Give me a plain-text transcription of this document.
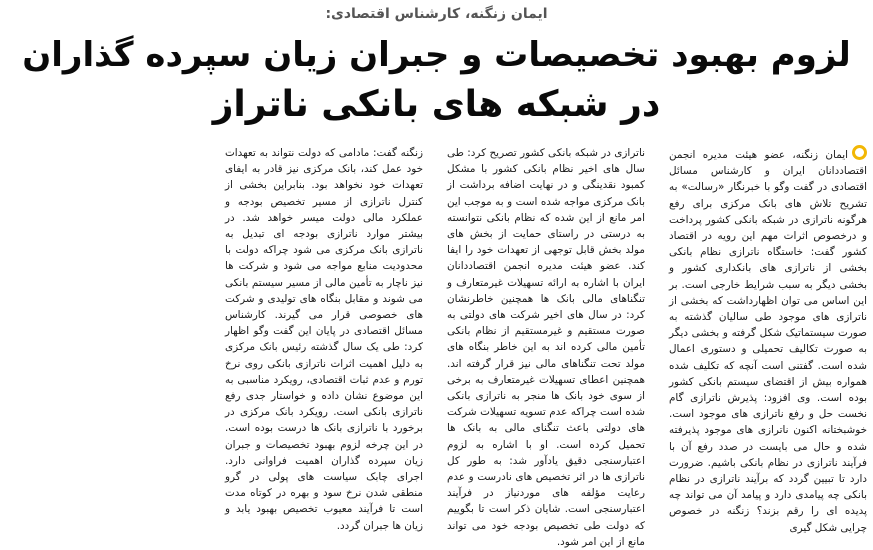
ایمان زنگنه، کارشناس اقتصادی:
لزوم بهبود تخصیصات و جبران زیان سپرده گذاران
در شبکه های بانکی ناتراز

ایمان زنگنه، عضو هیئت مدیره انجمن اقتصاددانان ایران و کارشناس مسائل اقتصادی در گفت وگو با خبرنگار «رسالت» به تشریح تلاش های بانک مرکزی برای رفع هرگونه ناترازی در شبکه بانکی کشور پرداخت و درخصوص اثرات مهم این رویه در اقتصاد کشور گفت: خاستگاه ناترازی نظام بانکی بخشی از ناترازی های بانکداری کشور و بخشی دیگر به سبب شرایط خارجی است. بر این اساس می توان اظهارداشت که بخشی از ناترازی های موجود طی سالیان گذشته به صورت سیستماتیک شکل گرفته و بخشی دیگر به صورت تکالیف تحمیلی و دستوری اعمال شده است. گفتنی است آنچه که تکلیف شده همواره بیش از اقتضای سیستم بانکی کشور بوده است. وی افزود: پذیرش ناترازی گام نخست حل و رفع ناترازی های موجود است. خوشبختانه اکنون ناترازی های موجود پذیرفته شده و حال می بایست در صدد رفع آن با فرآیند ناترازی در نظام بانکی باشیم. ضرورت دارد تا تبیین گردد که برآیند ناترازی در نظام بانکی چه پیامدی دارد و پیامد آن می تواند چه پدیده ای را رقم بزند؟ زنگنه در خصوص چرایی شکل گیری

ناترازی در شبکه بانکی کشور تصریح کرد: طی سال های اخیر نظام بانکی کشور با مشکل کمبود نقدینگی و در نهایت اضافه برداشت از بانک مرکزی مواجه شده است و به موجب این امر مانع از این شده که نظام بانکی نتوانسته به درستی در راستای حمایت از بخش های مولد بخش قابل توجهی از تعهدات خود را ایفا کند. عضو هیئت مدیره انجمن اقتصاددانان ایران با اشاره به ارائه تسهیلات غیرمتعارف و تنگناهای مالی بانک ها همچنین خاطرنشان کرد: در سال های اخیر شرکت های دولتی به صورت مستقیم و غیرمستقیم از نظام بانکی تأمین مالی کرده اند به این خاطر بنگاه های مولد تحت تنگناهای مالی نیز قرار گرفته اند. همچنین اعطای تسهیلات غیرمتعارف به برخی از سوی خود بانک ها منجر به ناترازی بانکی شده است چراکه عدم تسویه تسهیلات شرکت های دولتی باعث تنگنای مالی به بانک ها تحمیل کرده است. او با اشاره به لزوم اعتبارسنجی دقیق یادآور شد: به طور کل ناترازی ها در اثر تخصیص های نادرست و عدم رعایت مؤلفه های موردنیاز در فرآیند اعتبارسنجی است. شایان ذکر است تا بگوییم که دولت طی تخصیص بودجه خود می تواند مانع از این امر شود.

زنگنه گفت: مادامی که دولت نتواند به تعهدات خود عمل کند، بانک مرکزی نیز قادر به ایفای تعهدات خود نخواهد بود. بنابراین بخشی از کنترل ناترازی از مسیر تخصیص بودجه و عملکرد مالی دولت میسر خواهد شد. در بیشتر موارد ناترازی بودجه ای تبدیل به ناترازی بانک مرکزی می شود چراکه دولت با محدودیت منابع مواجه می شود و شرکت ها نیز ناچار به تأمین مالی از مسیر سیستم بانکی می شوند و مقابل بنگاه های تولیدی و شرکت های خصوصی قرار می گیرند. کارشناس مسائل اقتصادی در پایان این گفت وگو اظهار کرد: طی یک سال گذشته رئیس بانک مرکزی به دلیل اهمیت اثرات ناترازی بانکی روی نرخ تورم و عدم ثبات اقتصادی، رویکرد مناسبی به این موضوع نشان داده و خواستار جدی رفع ناترازی بانکی است. رویکرد بانک مرکزی در برخورد با ناترازی بانک ها درست بوده است. در این چرخه لزوم بهبود تخصیصات و جبران زیان سپرده گذاران اهمیت فراوانی دارد. اجرای چابک سیاست های پولی در گرو منطقی شدن نرخ سود و بهره در کوتاه مدت است تا فرآیند معیوب تخصیص بهبود یابد و زیان ها جبران گردد.
